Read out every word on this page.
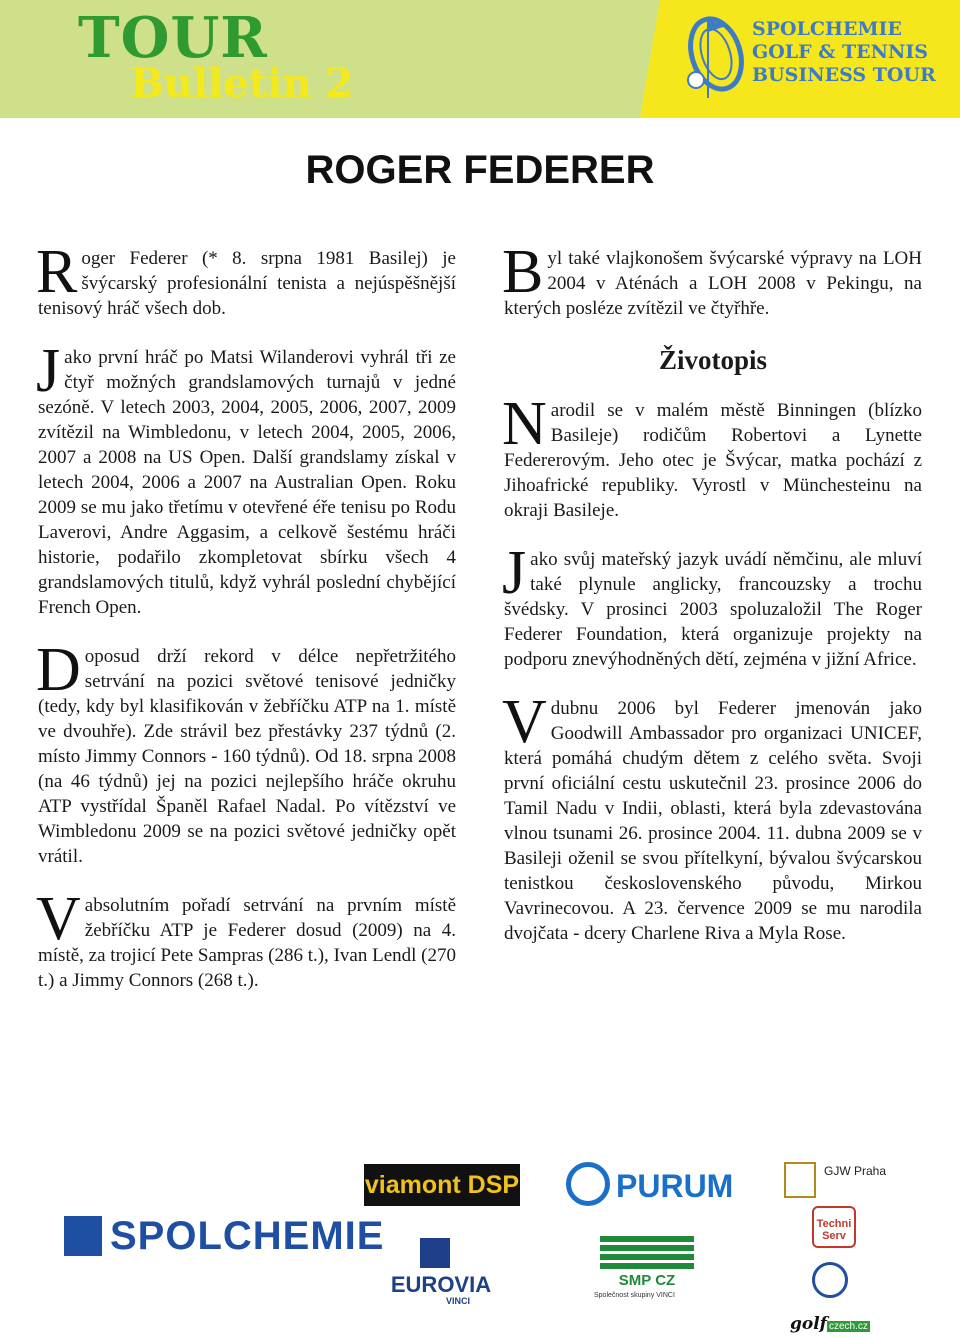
TOUR
Bulletin 2
SPOLCHEMIE
GOLF & TENNIS
BUSINESS TOUR
ROGER FEDERER

Roger Federer (* 8. srpna 1981 Basilej) je švýcarský profesionální tenista a nejúspěšnější tenisový hráč všech dob.

Jako první hráč po Matsi Wilanderovi vyhrál tři ze čtyř možných grandslamových turnajů v jedné sezóně. V letech 2003, 2004, 2005, 2006, 2007, 2009 zvítězil na Wimbledonu, v letech 2004, 2005, 2006, 2007 a 2008 na US Open. Další grandslamy získal v letech 2004, 2006 a 2007 na Australian Open. Roku 2009 se mu jako třetímu v otevřené éře tenisu po Rodu Laverovi, Andre Aggasim, a celkově šestému hráči historie, podařilo zkompletovat sbírku všech 4 grandslamových titulů, když vyhrál poslední chybějící French Open.

Doposud drží rekord v délce nepřetržitého setrvání na pozici světové tenisové jedničky (tedy, kdy byl klasifikován v žebříčku ATP na 1. místě ve dvouhře). Zde strávil bez přestávky 237 týdnů (2. místo Jimmy Connors - 160 týdnů). Od 18. srpna 2008 (na 46 týdnů) jej na pozici nejlepšího hráče okruhu ATP vystřídal Španěl Rafael Nadal. Po vítězství ve Wimbledonu 2009 se na pozici světové jedničky opět vrátil.

V absolutním pořadí setrvání na prvním místě žebříčku ATP je Federer dosud (2009) na 4. místě, za trojicí Pete Sampras (286 t.), Ivan Lendl (270 t.) a Jimmy Connors (268 t.).

Byl také vlajkonošem švýcarské výpravy na LOH 2004 v Aténách a LOH 2008 v Pekingu, na kterých posléze zvítězil ve čtyřhře.

Životopis

Narodil se v malém městě Binningen (blízko Basileje) rodičům Robertovi a Lynette Federerovým. Jeho otec je Švýcar, matka pochází z Jihoafrické republiky. Vyrostl v Münchesteinu na okraji Basileje.

Jako svůj mateřský jazyk uvádí němčinu, ale mluví také plynule anglicky, francouzsky a trochu švédsky. V prosinci 2003 spoluzaložil The Roger Federer Foundation, která organizuje projekty na podporu znevýhodněných dětí, zejména v jižní Africe.

V dubnu 2006 byl Federer jmenován jako Goodwill Ambassador pro organizaci UNICEF, která pomáhá chudým dětem z celého světa. Svoji první oficiální cestu uskutečnil 23. prosince 2006 do Tamil Nadu v Indii, oblasti, která byla zdevastována vlnou tsunami 26. prosince 2004. 11. dubna 2009 se v Basileji oženil se svou přítelkyní, bývalou švýcarskou tenistkou československého původu, Mirkou Vavrinecovou. A 23. července 2009 se mu narodila dvojčata - dcery Charlene Riva a Myla Rose.

SPOLCHEMIE
viamont DSP	PURUM	GJW Praha
Techni Serv
EUROVIA
VINCI
SMP CZ
Společnost skupiny VINCI
golf czech.cz
